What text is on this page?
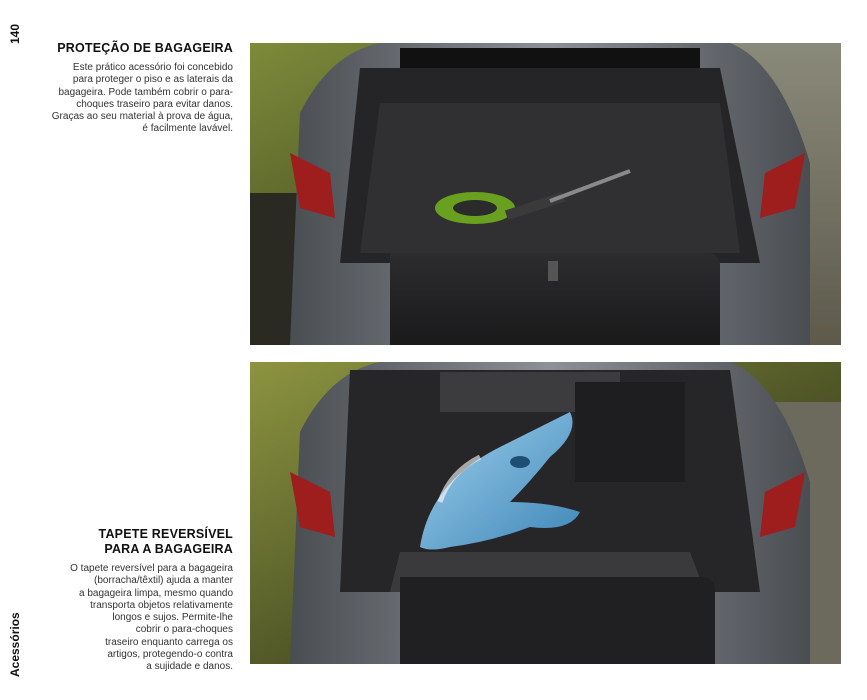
140
Acessórios
PROTEÇÃO DE BAGAGEIRA
Este prático acessório foi concebido
para proteger o piso e as laterais da
bagageira. Pode também cobrir o para-
choques traseiro para evitar danos.
Graças ao seu material à prova de água,
é facilmente lavável.
TAPETE REVERSÍVEL
PARA A BAGAGEIRA
O tapete reversível para a bagageira
(borracha/têxtil) ajuda a manter
a bagageira limpa, mesmo quando
transporta objetos relativamente
longos e sujos. Permite-lhe
cobrir o para-choques
traseiro enquanto carrega os
artigos, protegendo-o contra
a sujidade e danos.
